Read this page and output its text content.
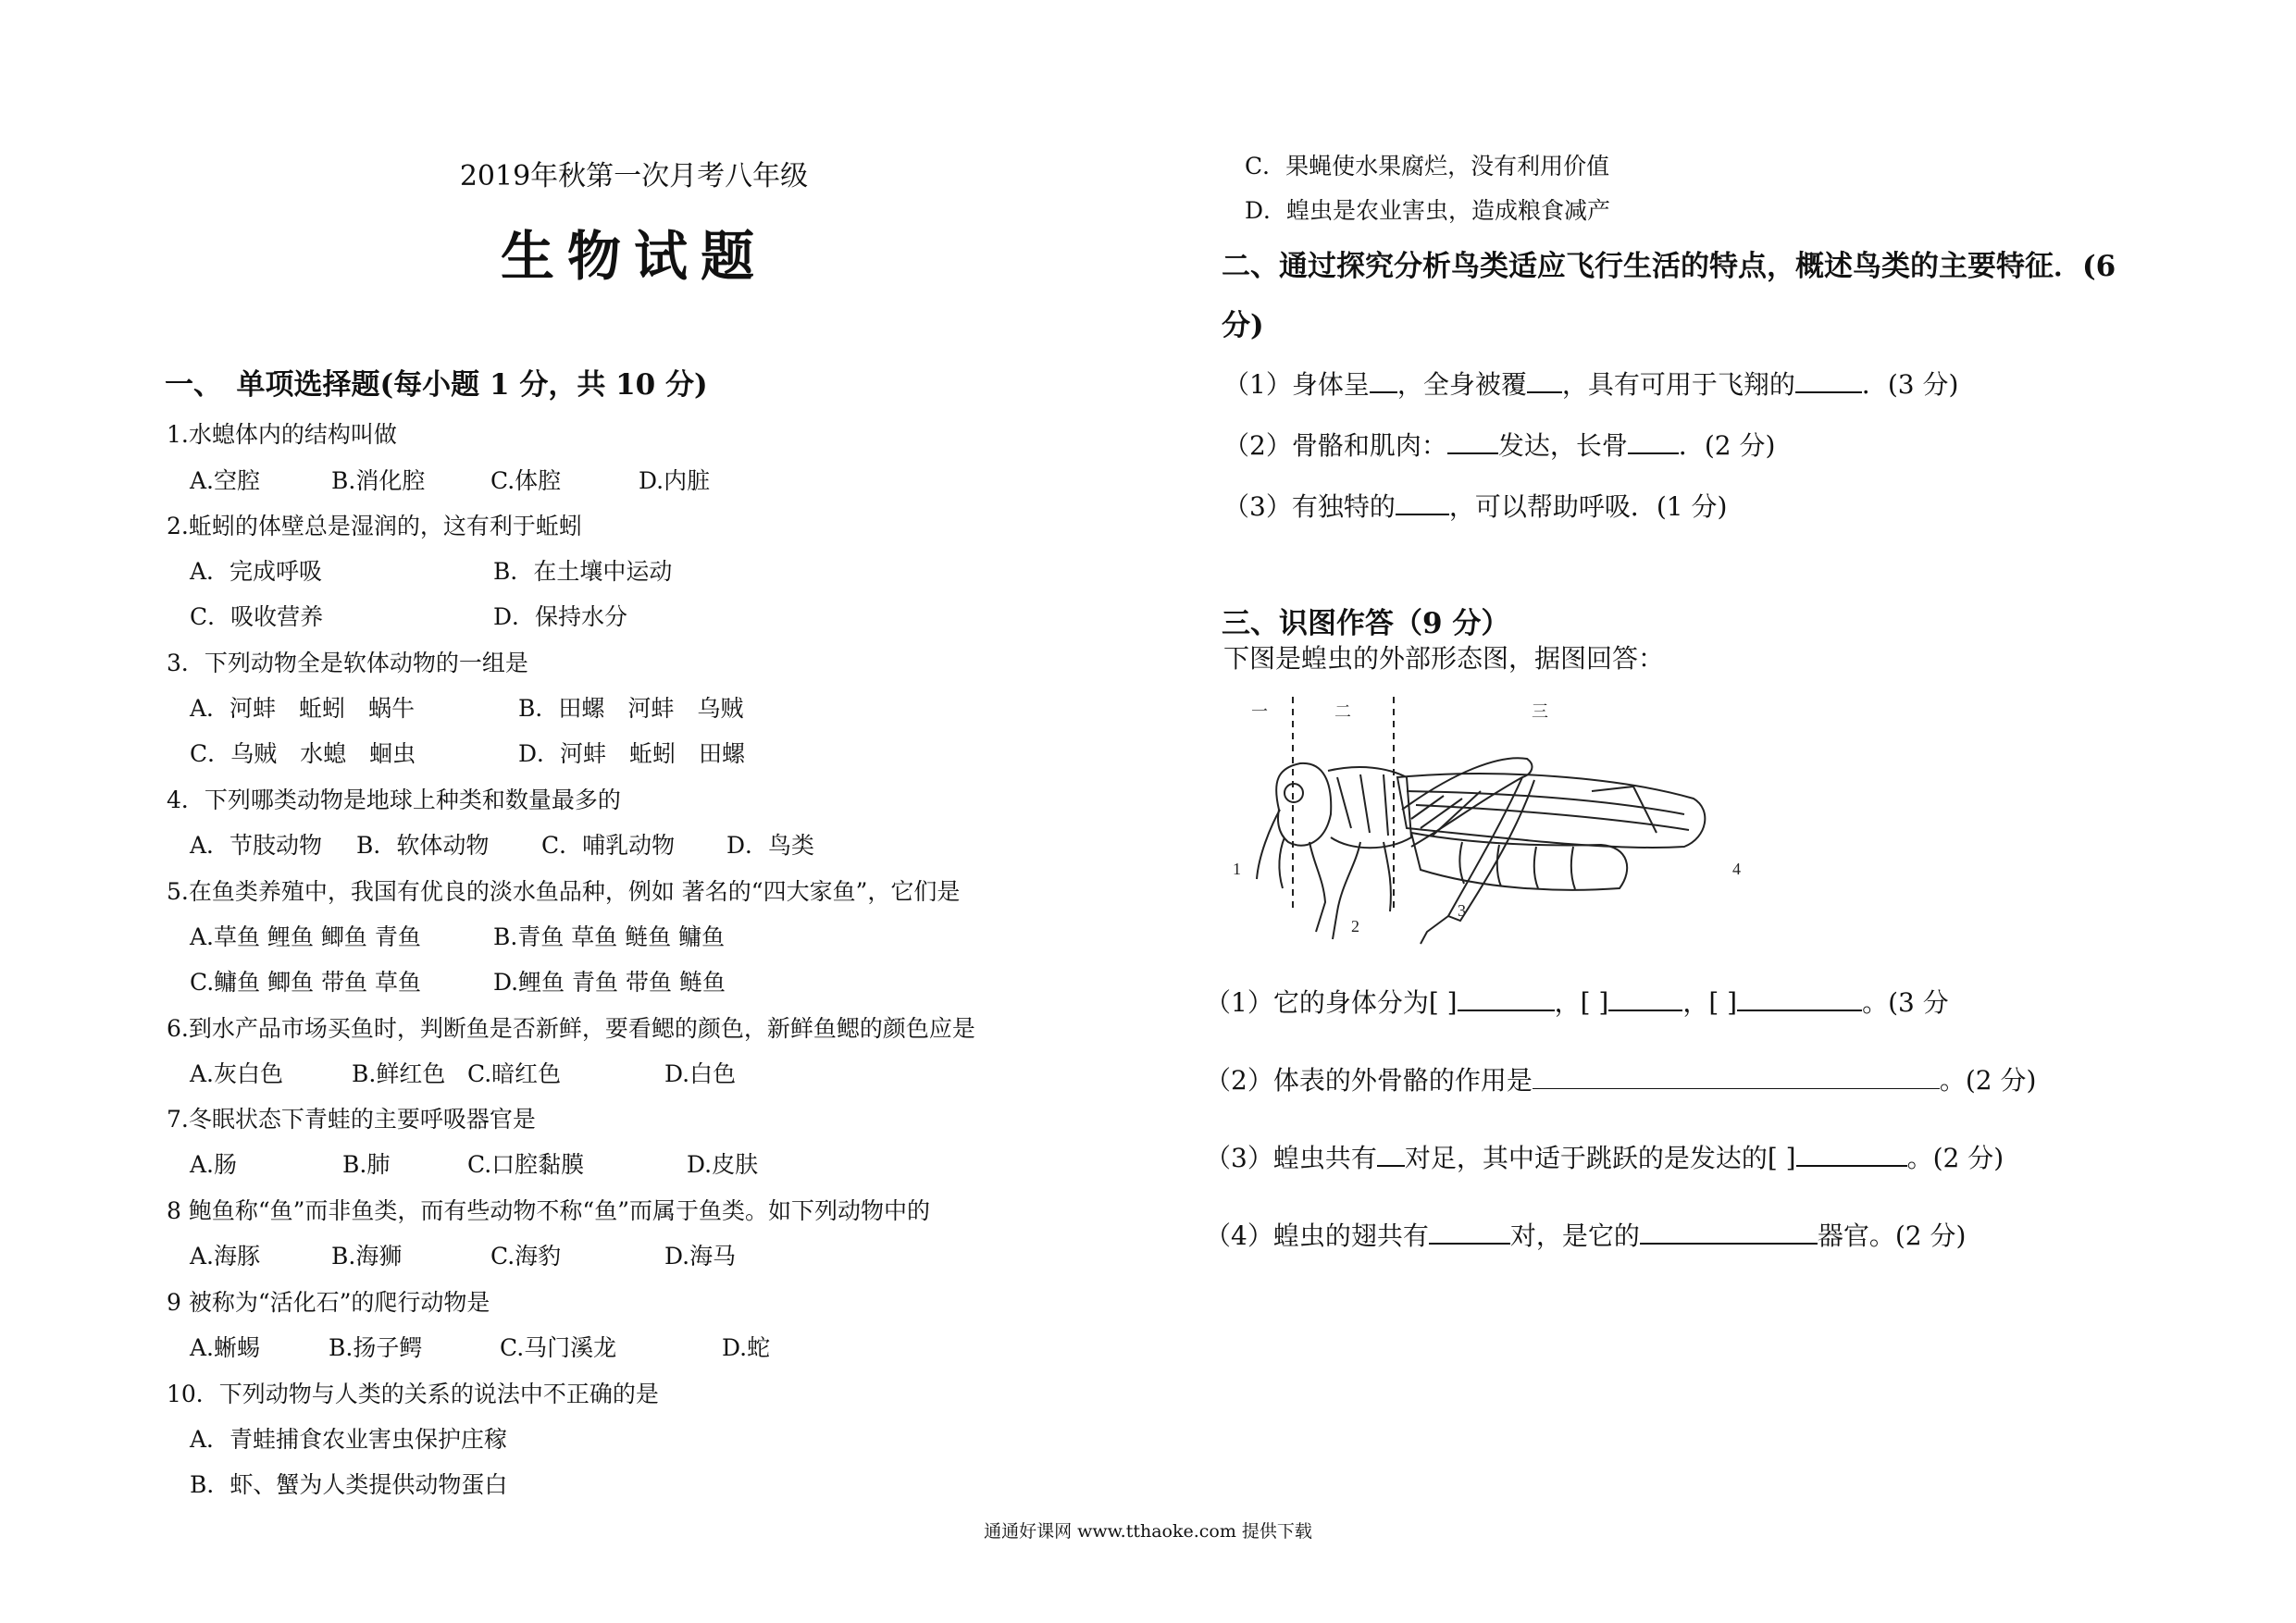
2019年秋第一次月考八年级
生物试题
一、　单项选择题(每小题 1 分，共 10 分)
1.水螅体内的结构叫做
A.空腔	B.消化腔	C.体腔	D.内脏
2.蚯蚓的体壁总是湿润的，这有利于蚯蚓
A．完成呼吸	B．在土壤中运动
C．吸收营养	D．保持水分
3．下列动物全是软体动物的一组是
A．河蚌　蚯蚓　蜗牛	B．田螺　河蚌　乌贼
C．乌贼　水螅　蛔虫	D．河蚌　蚯蚓　田螺
4．下列哪类动物是地球上种类和数量最多的
A．节肢动物 B．软体动物 C．哺乳动物 D．鸟类
5.在鱼类养殖中，我国有优良的淡水鱼品种，例如 著名的“四大家鱼”，它们是
A.草鱼 鲤鱼 鲫鱼 青鱼	B.青鱼 草鱼 鲢鱼 鳙鱼
C.鳙鱼 鲫鱼 带鱼 草鱼	D.鲤鱼 青鱼 带鱼 鲢鱼
6.到水产品市场买鱼时，判断鱼是否新鲜，要看鳃的颜色，新鲜鱼鳃的颜色应是
A.灰白色	B.鲜红色 C.暗红色	D.白色
7.冬眠状态下青蛙的主要呼吸器官是
A.肠	B.肺	C.口腔黏膜	D.皮肤
8 鲍鱼称“鱼”而非鱼类，而有些动物不称“鱼”而属于鱼类。如下列动物中的
A.海豚	B.海狮	C.海豹	D.海马
9 被称为“活化石”的爬行动物是
A.蜥蜴	B.扬子鳄	C.马门溪龙	D.蛇
10．下列动物与人类的关系的说法中不正确的是
A．青蛙捕食农业害虫保护庄稼
B．虾、蟹为人类提供动物蛋白
C．果蝇使水果腐烂，没有利用价值
D．蝗虫是农业害虫，造成粮食减产
二、通过探究分析鸟类适应飞行生活的特点，概述鸟类的主要特征．(6
分)
（1）身体呈 ，全身被覆 ，具有可用于飞翔的	．(3 分)
（2）骨骼和肌肉： 发达，长骨 ．(2 分)
（3）有独特的 ，可以帮助呼吸．(1 分)
三、识图作答（9 分）
下图是蝗虫的外部形态图，据图回答：
一	二	三
1
2
3
4
（1）它的身体分为[ ]	，[ ]	，[ ]	。(3 分
（2）体表的外骨骼的作用是	。(2 分)
（3）蝗虫共有 对足，其中适于跳跃的是发达的[ ]	。(2 分)
（4）蝗虫的翅共有	对，是它的	器官。(2 分)
通通好课网 www.tthaoke.com 提供下载
